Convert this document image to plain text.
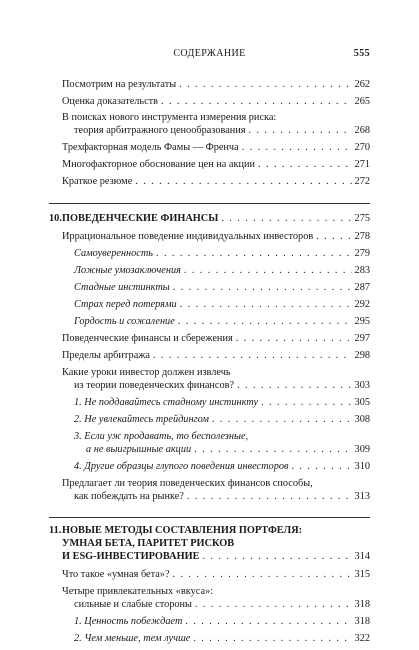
СОДЕРЖАНИЕ	555
Посмотрим на результаты . . .	262
Оценка доказательств . . .	265
В поисках нового инструмента измерения риска:
теория арбитражного ценообразования . . .	268
Трехфакторная модель Фамы — Френча . . .	270
Многофакторное обоснование цен на акции . . .	271
Краткое резюме . . .	272
10. ПОВЕДЕНЧЕСКИЕ ФИНАНСЫ . . .	275
Иррациональное поведение индивидуальных инвесторов . . .	278
Самоуверенность . . .	279
Ложные умозаключения . . .	283
Стадные инстинкты . . .	287
Страх перед потерями . . .	292
Гордость и сожаление . . .	295
Поведенческие финансы и сбережения . . .	297
Пределы арбитража . . .	298
Какие уроки инвестор должен извлечь
из теории поведенческих финансов? . . .	303
1. Не поддавайтесь стадному инстинкту . . .	305
2. Не увлекайтесь трейдингом . . .	308
3. Если уж продавать, то бесполезные,
а не выигрышные акции . . .	309
4. Другие образцы глупого поведения инвесторов . . .	310
Предлагает ли теория поведенческих финансов способы,
как побеждать на рынке? . . .	313
11. НОВЫЕ МЕТОДЫ СОСТАВЛЕНИЯ ПОРТФЕЛЯ:
УМНАЯ БЕТА, ПАРИТЕТ РИСКОВ
И ESG-ИНВЕСТИРОВАНИЕ . . .	314
Что такое «умная бета»? . . .	315
Четыре привлекательных «вкуса»:
сильные и слабые стороны . . .	318
1. Ценность побеждает . . .	318
2. Чем меньше, тем лучше . . .	322
